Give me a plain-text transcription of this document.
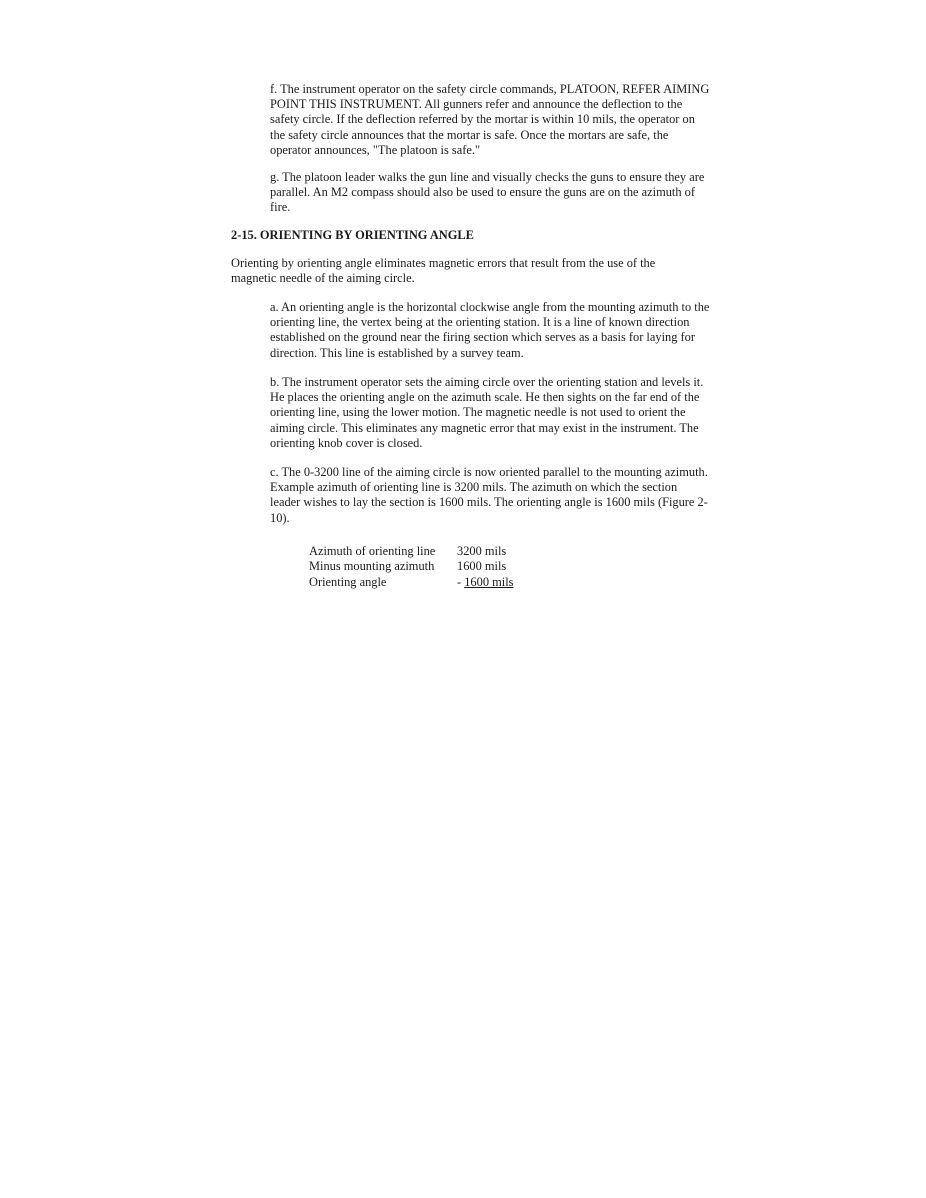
f. The instrument operator on the safety circle commands, PLATOON, REFER AIMING POINT THIS INSTRUMENT. All gunners refer and announce the deflection to the safety circle. If the deflection referred by the mortar is within 10 mils, the operator on the safety circle announces that the mortar is safe. Once the mortars are safe, the operator announces, "The platoon is safe."

g. The platoon leader walks the gun line and visually checks the guns to ensure they are parallel. An M2 compass should also be used to ensure the guns are on the azimuth of fire.

2-15. ORIENTING BY ORIENTING ANGLE

Orienting by orienting angle eliminates magnetic errors that result from the use of the magnetic needle of the aiming circle.

a. An orienting angle is the horizontal clockwise angle from the mounting azimuth to the orienting line, the vertex being at the orienting station. It is a line of known direction established on the ground near the firing section which serves as a basis for laying for direction. This line is established by a survey team.

b. The instrument operator sets the aiming circle over the orienting station and levels it. He places the orienting angle on the azimuth scale. He then sights on the far end of the orienting line, using the lower motion. The magnetic needle is not used to orient the aiming circle. This eliminates any magnetic error that may exist in the instrument. The orienting knob cover is closed.

c. The 0-3200 line of the aiming circle is now oriented parallel to the mounting azimuth. Example azimuth of orienting line is 3200 mils. The azimuth on which the section leader wishes to lay the section is 1600 mils. The orienting angle is 1600 mils (Figure 2-10).

Azimuth of orienting line	3200 mils
Minus mounting azimuth	1600 mils
Orienting angle	- 1600 mils
